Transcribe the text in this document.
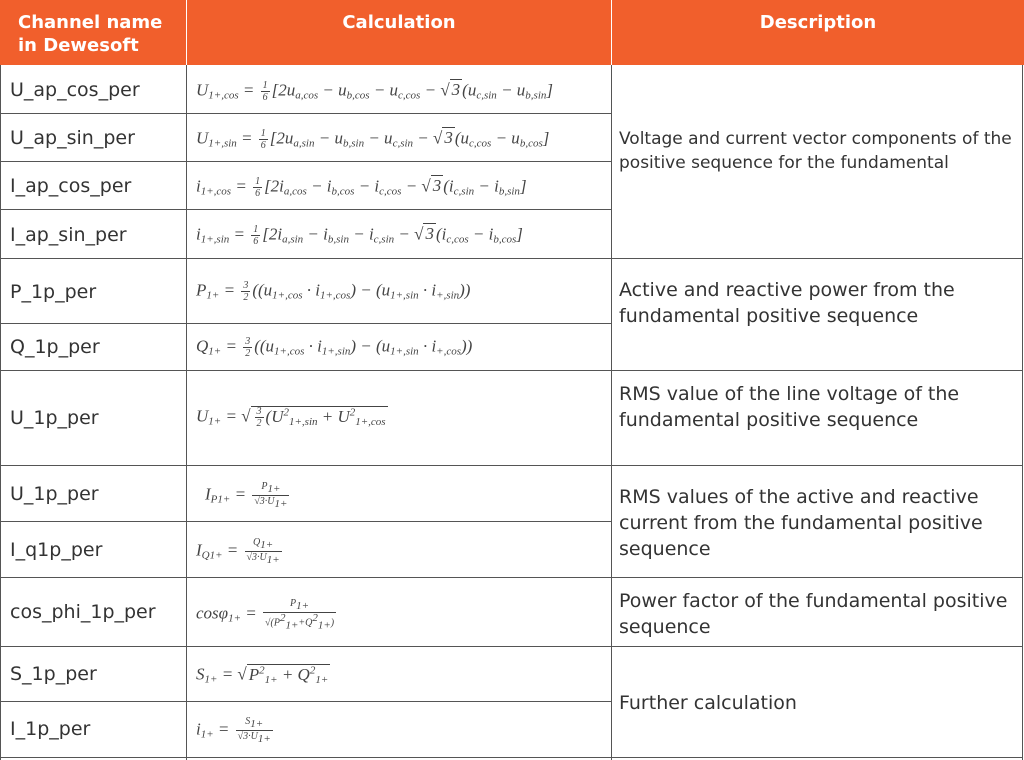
Channel name
in Dewesoft
Calculation	Description
U_ap_cos_per
U_ap_sin_per
I_ap_cos_per
I_ap_sin_per
P_1p_per
Q_1p_per
U_1p_per
U_1p_per
I_q1p_per
cos_phi_1p_per
S_1p_per
I_1p_per
$U_{1+,cos} = \frac{1}{6} [2u_{a,cos} - u_{b,cos} - u_{c,cos}$ − √ 3 $(u_{c,sin} - u_{b,sin}]$
$U_{1+,sin} = \frac{1}{6} [2u_{a,sin} - u_{b,sin} - u_{c,sin}$ − √ 3 $(u_{c,cos} - u_{b,cos}]$
$i_{1+,cos} = \frac{1}{6} [2i_{a,cos} - i_{b,cos} - i_{c,cos}$ − √ 3 $(i_{c,sin} - i_{b,sin}]$
$i_{1+,sin} = \frac{1}{6} [2i_{a,sin} - i_{b,sin} - i_{c,sin}$ − √ 3 $(i_{c,cos} - i_{b,cos}]$
$P_{1+} = \frac{3}{2} ((u_{1+,cos} \cdot i_{1+,cos}) - (u_{1+,sin} \cdot i_{+,sin}))$
$Q_{1+} = \frac{3}{2} ((u_{1+,cos} \cdot i_{1+,sin}) - (u_{1+,sin} \cdot i_{+,cos}))$
$U_{1+}$ = √ $\frac{3}{2} (U^2_{1+,sin} + U^2_{1+,cos}$
$I_{P1+} = \frac{P_{1+}}{√3\cdot U_{1+}}$
$I_{Q1+} = \frac{Q_{1+}}{√3\cdot U_{1+}}$
$\cos\varphi_{1+} = \frac{P_{1+}}{√(P^2_{1+}+Q^2_{1+})}$
$S_{1+}$ = √ $P^2_{1+} + Q^2_{1+}$
$i_{1+} = \frac{S_{1+}}{√3\cdot U_{1+}}$
Voltage and current vector components of the positive sequence for the fundamental
Active and reactive power from the fundamental positive sequence
RMS value of the line voltage of the fundamental positive sequence
RMS values of the active and reactive current from the fundamental positive sequence
Power factor of the fundamental positive sequence
Further calculation
